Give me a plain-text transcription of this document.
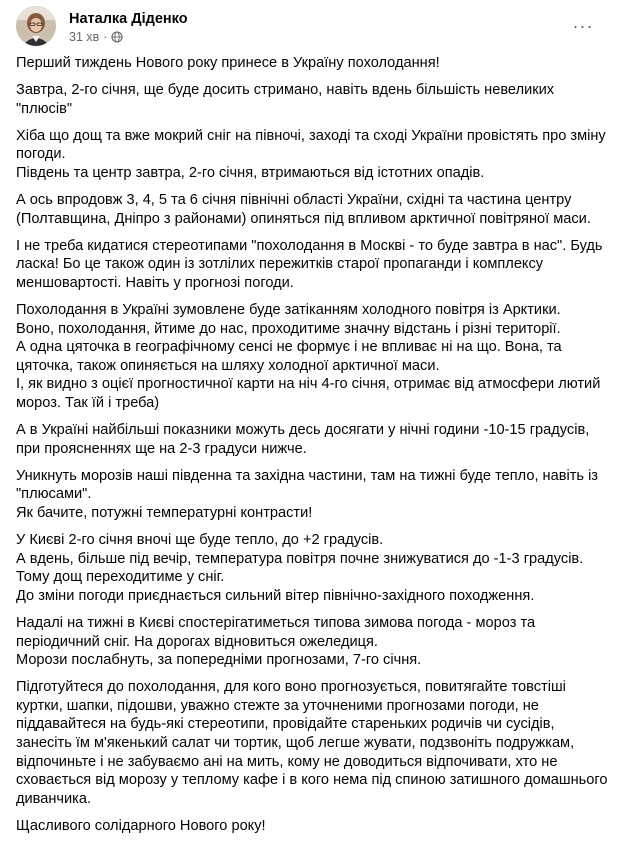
Наталка Діденко
31 хв ·
···

Перший тиждень Нового року принесе в Україну похолодання!

Завтра, 2-го січня, ще буде досить стримано, навіть вдень більшість невеликих "плюсів"

Хіба що дощ та вже мокрий сніг на півночі, заході та сході України провістять про зміну погоди.
Південь та центр завтра, 2-го січня, втримаються від істотних опадів.

А ось впродовж 3, 4, 5 та 6 січня північні області України, східні та частина центру (Полтавщина, Дніпро з районами) опиняться під впливом арктичної повітряної маси.

І не треба кидатися стереотипами "похолодання в Москві - то буде завтра в нас". Будь ласка! Бо це також один із зотлілих пережитків старої пропаганди і комплексу меншовартості. Навіть у прогнозі погоди.

Похолодання в Україні зумовлене буде затіканням холодного повітря із Арктики.
Воно, похолодання, йтиме до нас, проходитиме значну відстань і різні території.
А одна цяточка в географічному сенсі не формує і не впливає ні на що. Вона, та цяточка, також опиняється на шляху холодної арктичної маси.
І, як видно з оцієї прогностичної карти на ніч 4-го січня, отримає від атмосфери лютий мороз. Так їй і треба)

А в Україні найбільші показники можуть десь досягати у нічні години -10-15 градусів, при проясненнях ще на 2-3 градуси нижче.

Уникнуть морозів наші південна та західна частини, там на тижні буде тепло, навіть із "плюсами".
Як бачите, потужні температурні контрасти!

У Києві 2-го січня вночі ще буде тепло, до +2 градусів.
А вдень, більше під вечір, температура повітря почне знижуватися до -1-3 градусів. Тому дощ переходитиме у сніг.
До зміни погоди приєднається сильний вітер північно-західного походження.

Надалі на тижні в Києві спостерігатиметься типова зимова погода - мороз та періодичний сніг. На дорогах відновиться ожеледиця.
Морози послабнуть, за попередніми прогнозами, 7-го січня.

Підготуйтеся до похолодання, для кого воно прогнозується, повитягайте товстіші куртки, шапки, підошви, уважно стежте за уточненими прогнозами погоди, не піддавайтеся на будь-які стереотипи, провідайте стареньких родичів чи сусідів, занесіть їм м'якенький салат чи тортик, щоб легше жувати, подзвоніть подружкам, відпочиньте і не забуваємо ані на мить, кому не доводиться відпочивати, хто не сховається від морозу у теплому кафе і в кого нема під спиною затишного домашнього диванчика.

Щасливого солідарного Нового року!
